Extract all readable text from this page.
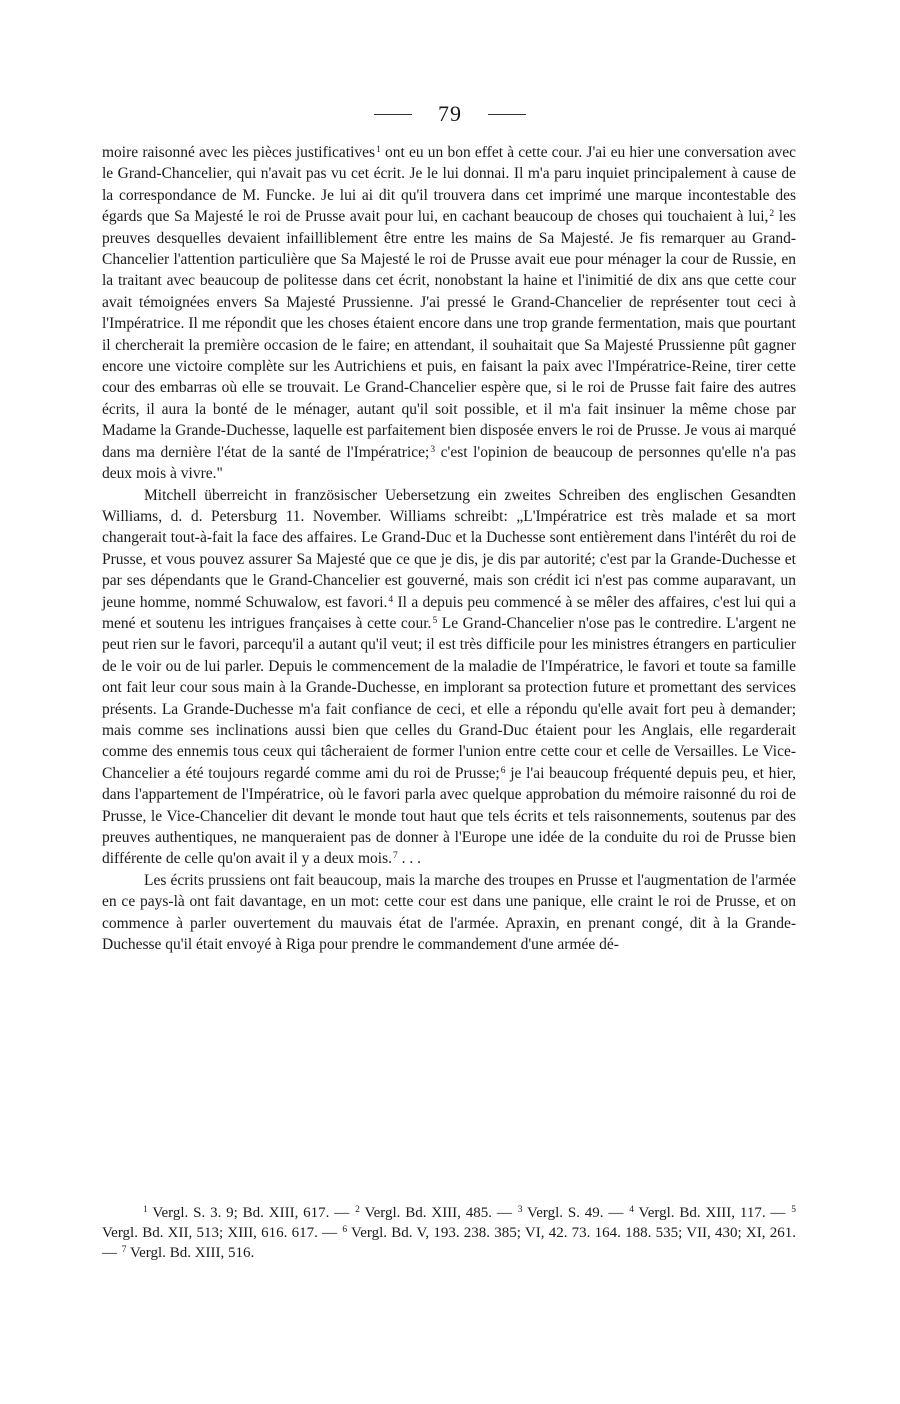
79

moire raisonné avec les pièces justificatives$^1$ ont eu un bon effet à cette cour. J'ai eu hier une conversation avec le Grand-Chancelier, qui n'avait pas vu cet écrit. Je le lui donnai. Il m'a paru inquiet principalement à cause de la correspondance de M. Funcke. Je lui ai dit qu'il trouvera dans cet imprimé une marque incontestable des égards que Sa Majesté le roi de Prusse avait pour lui, en cachant beaucoup de choses qui touchaient à lui,$^2$ les preuves desquelles devaient infailliblement être entre les mains de Sa Majesté. Je fis remarquer au Grand-Chancelier l'attention particulière que Sa Majesté le roi de Prusse avait eue pour ménager la cour de Russie, en la traitant avec beaucoup de politesse dans cet écrit, nonobstant la haine et l'inimitié de dix ans que cette cour avait témoignées envers Sa Majesté Prussienne. J'ai pressé le Grand-Chancelier de représenter tout ceci à l'Impératrice. Il me répondit que les choses étaient encore dans une trop grande fermentation, mais que pourtant il chercherait la première occasion de le faire; en attendant, il souhaitait que Sa Majesté Prussienne pût gagner encore une victoire complète sur les Autrichiens et puis, en faisant la paix avec l'Impératrice-Reine, tirer cette cour des embarras où elle se trouvait. Le Grand-Chancelier espère que, si le roi de Prusse fait faire des autres écrits, il aura la bonté de le ménager, autant qu'il soit possible, et il m'a fait insinuer la même chose par Madame la Grande-Duchesse, laquelle est parfaitement bien disposée envers le roi de Prusse. Je vous ai marqué dans ma dernière l'état de la santé de l'Impératrice;$^3$ c'est l'opinion de beaucoup de personnes qu'elle n'a pas deux mois à vivre."

Mitchell überreicht in französischer Uebersetzung ein zweites Schreiben des englischen Gesandten Williams, d. d. Petersburg 11. November. Williams schreibt: „L'Impératrice est très malade et sa mort changerait tout-à-fait la face des affaires. Le Grand-Duc et la Duchesse sont entièrement dans l'intérêt du roi de Prusse, et vous pouvez assurer Sa Majesté que ce que je dis, je dis par autorité; c'est par la Grande-Duchesse et par ses dépendants que le Grand-Chancelier est gouverné, mais son crédit ici n'est pas comme auparavant, un jeune homme, nommé Schuwalow, est favori.$^4$ Il a depuis peu commencé à se mêler des affaires, c'est lui qui a mené et soutenu les intrigues françaises à cette cour.$^5$ Le Grand-Chancelier n'ose pas le contredire. L'argent ne peut rien sur le favori, parcequ'il a autant qu'il veut; il est très difficile pour les ministres étrangers en particulier de le voir ou de lui parler. Depuis le commencement de la maladie de l'Impératrice, le favori et toute sa famille ont fait leur cour sous main à la Grande-Duchesse, en implorant sa protection future et promettant des services présents. La Grande-Duchesse m'a fait confiance de ceci, et elle a répondu qu'elle avait fort peu à demander; mais comme ses inclinations aussi bien que celles du Grand-Duc étaient pour les Anglais, elle regarderait comme des ennemis tous ceux qui tâcheraient de former l'union entre cette cour et celle de Versailles. Le Vice-Chancelier a été toujours regardé comme ami du roi de Prusse;$^6$ je l'ai beaucoup fréquenté depuis peu, et hier, dans l'appartement de l'Impératrice, où le favori parla avec quelque approbation du mémoire raisonné du roi de Prusse, le Vice-Chancelier dit devant le monde tout haut que tels écrits et tels raisonnements, soutenus par des preuves authentiques, ne manqueraient pas de donner à l'Europe une idée de la conduite du roi de Prusse bien différente de celle qu'on avait il y a deux mois.$^7$ . . .

Les écrits prussiens ont fait beaucoup, mais la marche des troupes en Prusse et l'augmentation de l'armée en ce pays-là ont fait davantage, en un mot: cette cour est dans une panique, elle craint le roi de Prusse, et on commence à parler ouvertement du mauvais état de l'armée. Apraxin, en prenant congé, dit à la Grande-Duchesse qu'il était envoyé à Riga pour prendre le commandement d'une armée dé-

$^1$ Vergl. S. 3. 9; Bd. XIII, 617. — $^2$ Vergl. Bd. XIII, 485. — $^3$ Vergl. S. 49. — $^4$ Vergl. Bd. XIII, 117. — $^5$ Vergl. Bd. XII, 513; XIII, 616. 617. — $^6$ Vergl. Bd. V, 193. 238. 385; VI, 42. 73. 164. 188. 535; VII, 430; XI, 261. — $^7$ Vergl. Bd. XIII, 516.
